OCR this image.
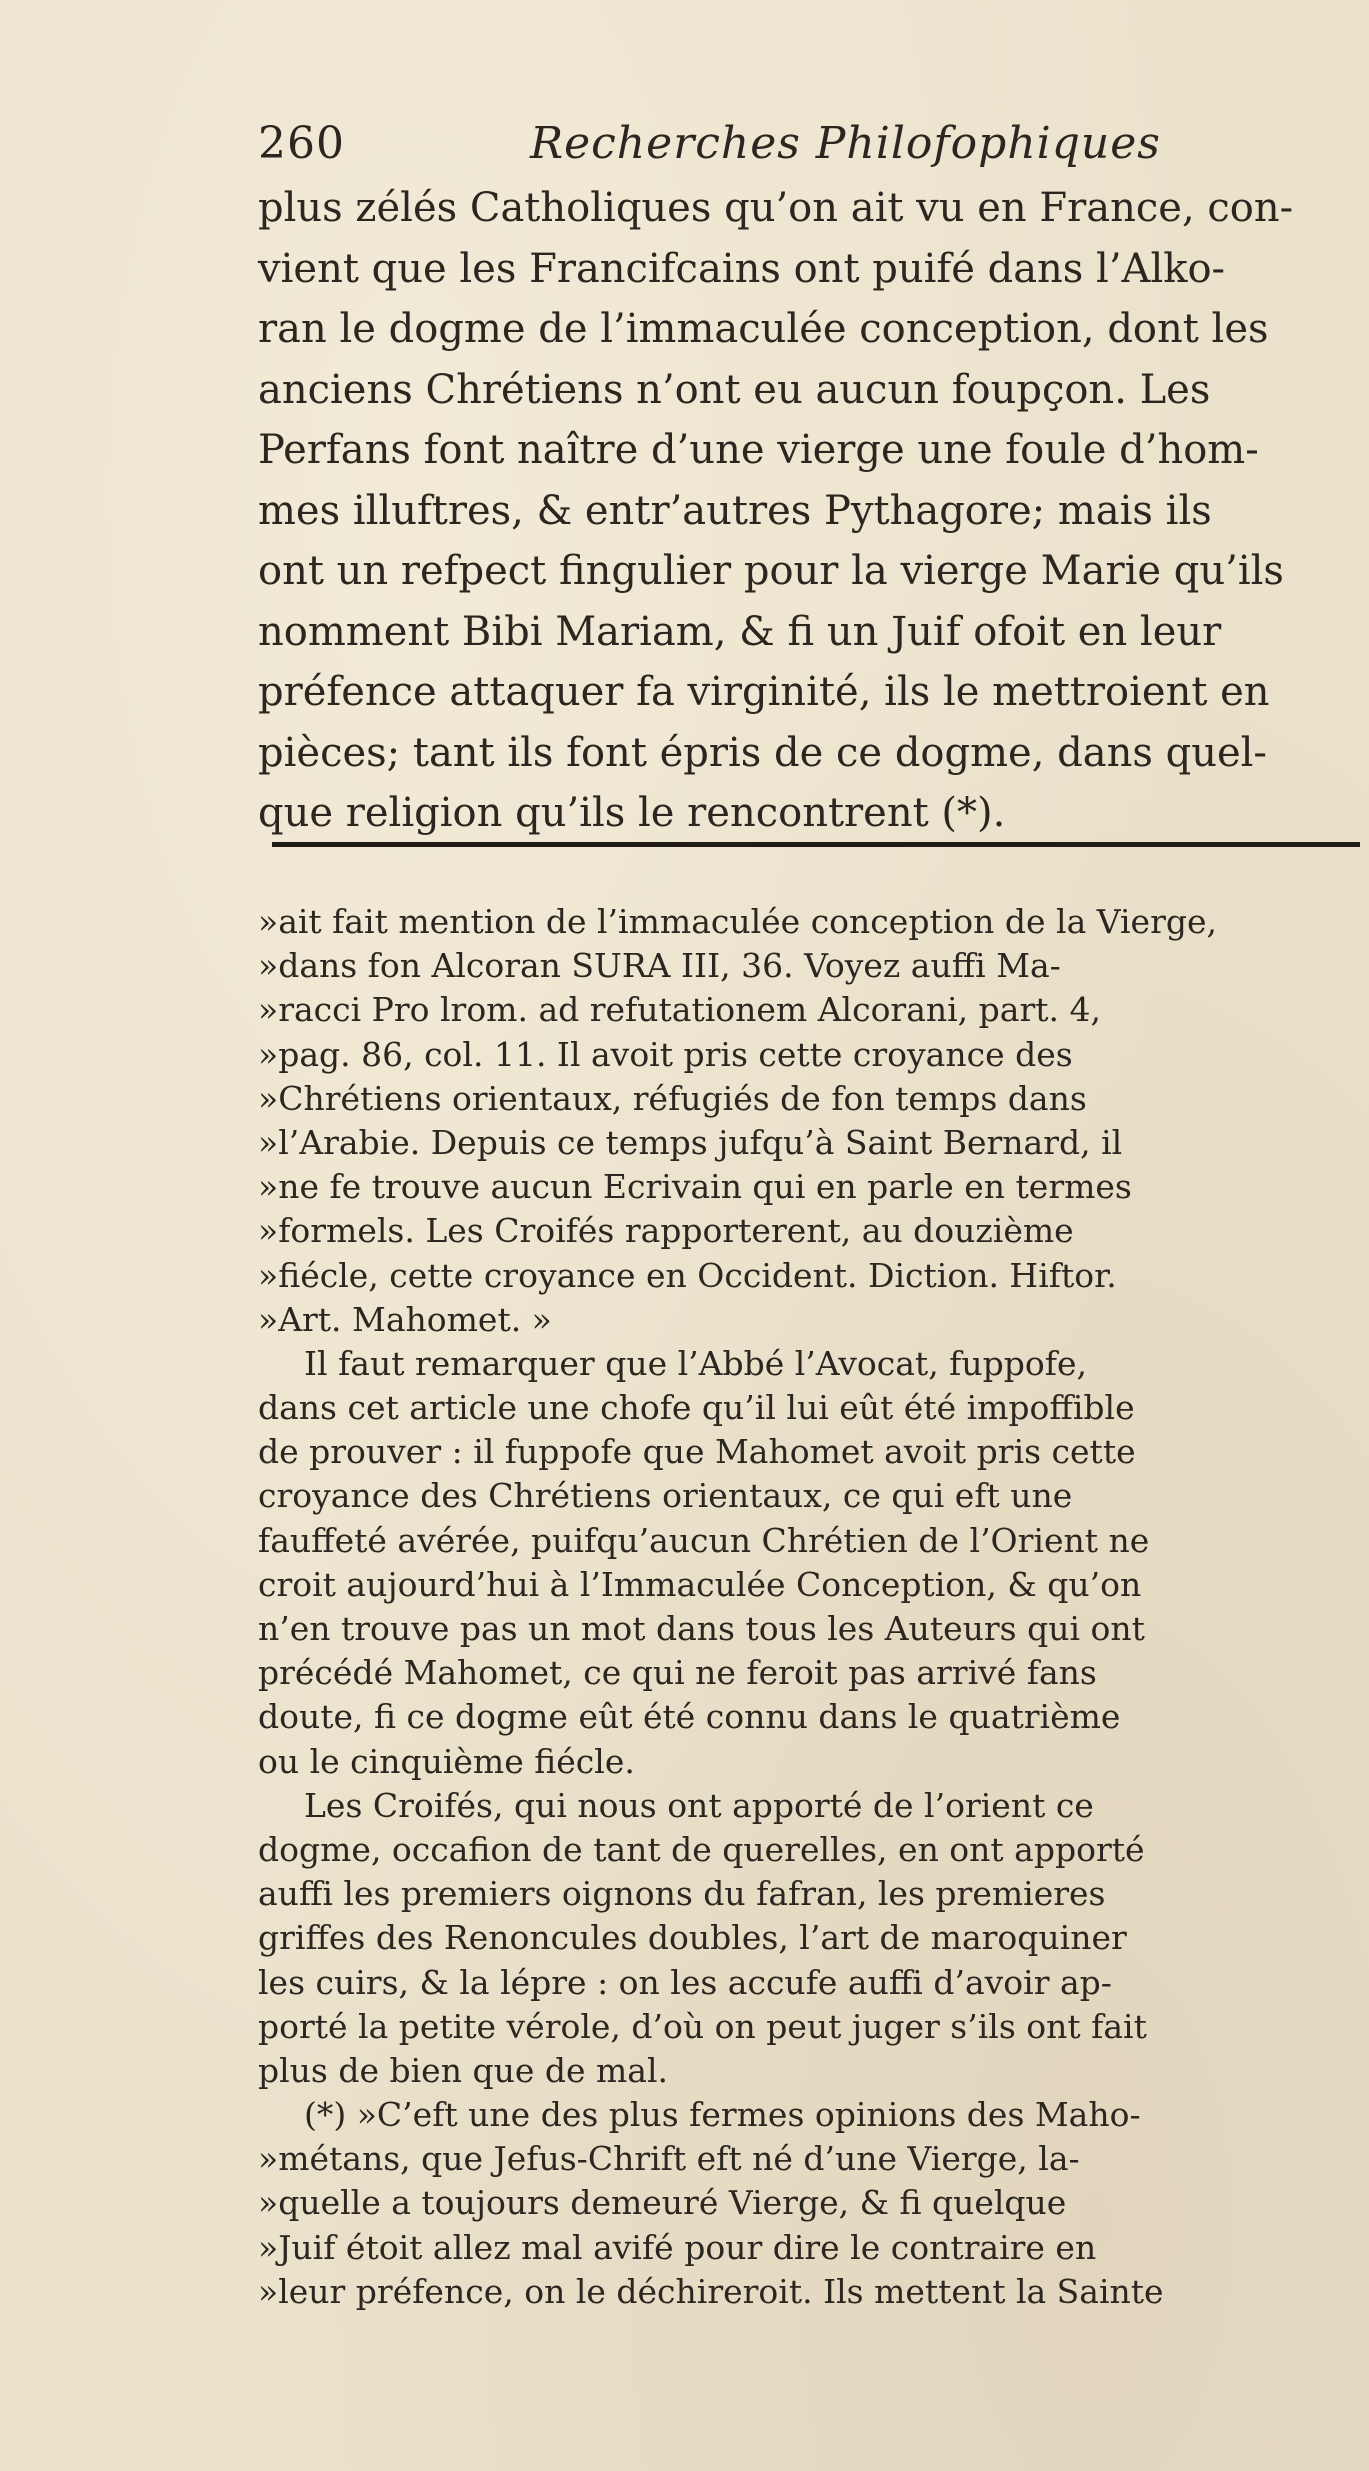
260	Recherches Philofophiques
plus zélés Catholiques qu’on ait vu en France, con-
vient que les Francifcains ont puifé dans l’Alko-
ran le dogme de l’immaculée conception, dont les
anciens Chrétiens n’ont eu aucun foupçon. Les
Perfans font naître d’une vierge une foule d’hom-
mes illuftres, & entr’autres Pythagore; mais ils
ont un refpect fingulier pour la vierge Marie qu’ils
nomment Bibi Mariam, & fi un Juif ofoit en leur
préfence attaquer fa virginité, ils le mettroient en
pièces; tant ils font épris de ce dogme, dans quel-
que religion qu’ils le rencontrent (*).
»ait fait mention de l’immaculée conception de la Vierge,
»dans fon Alcoran SURA III, 36. Voyez auffi Ma-
»racci Pro lrom. ad refutationem Alcorani, part. 4,
»pag. 86, col. 11. Il avoit pris cette croyance des
»Chrétiens orientaux, réfugiés de fon temps dans
»l’Arabie. Depuis ce temps jufqu’à Saint Bernard, il
»ne fe trouve aucun Ecrivain qui en parle en termes
»formels. Les Croifés rapporterent, au douzième
»fiécle, cette croyance en Occident. Diction. Hiftor.
»Art. Mahomet. »
Il faut remarquer que l’Abbé l’Avocat, fuppofe,
dans cet article une chofe qu’il lui eût été impoffible
de prouver : il fuppofe que Mahomet avoit pris cette
croyance des Chrétiens orientaux, ce qui eft une
fauffeté avérée, puifqu’aucun Chrétien de l’Orient ne
croit aujourd’hui à l’Immaculée Conception, & qu’on
n’en trouve pas un mot dans tous les Auteurs qui ont
précédé Mahomet, ce qui ne feroit pas arrivé fans
doute, fi ce dogme eût été connu dans le quatrième
ou le cinquième fiécle.
Les Croifés, qui nous ont apporté de l’orient ce
dogme, occafion de tant de querelles, en ont apporté
auffi les premiers oignons du fafran, les premieres
griffes des Renoncules doubles, l’art de maroquiner
les cuirs, & la lépre : on les accufe auffi d’avoir ap-
porté la petite vérole, d’où on peut juger s’ils ont fait
plus de bien que de mal.
(*) »C’eft une des plus fermes opinions des Maho-
»métans, que Jefus-Chrift eft né d’une Vierge, la-
»quelle a toujours demeuré Vierge, & fi quelque
»Juif étoit allez mal avifé pour dire le contraire en
»leur préfence, on le déchireroit. Ils mettent la Sainte
